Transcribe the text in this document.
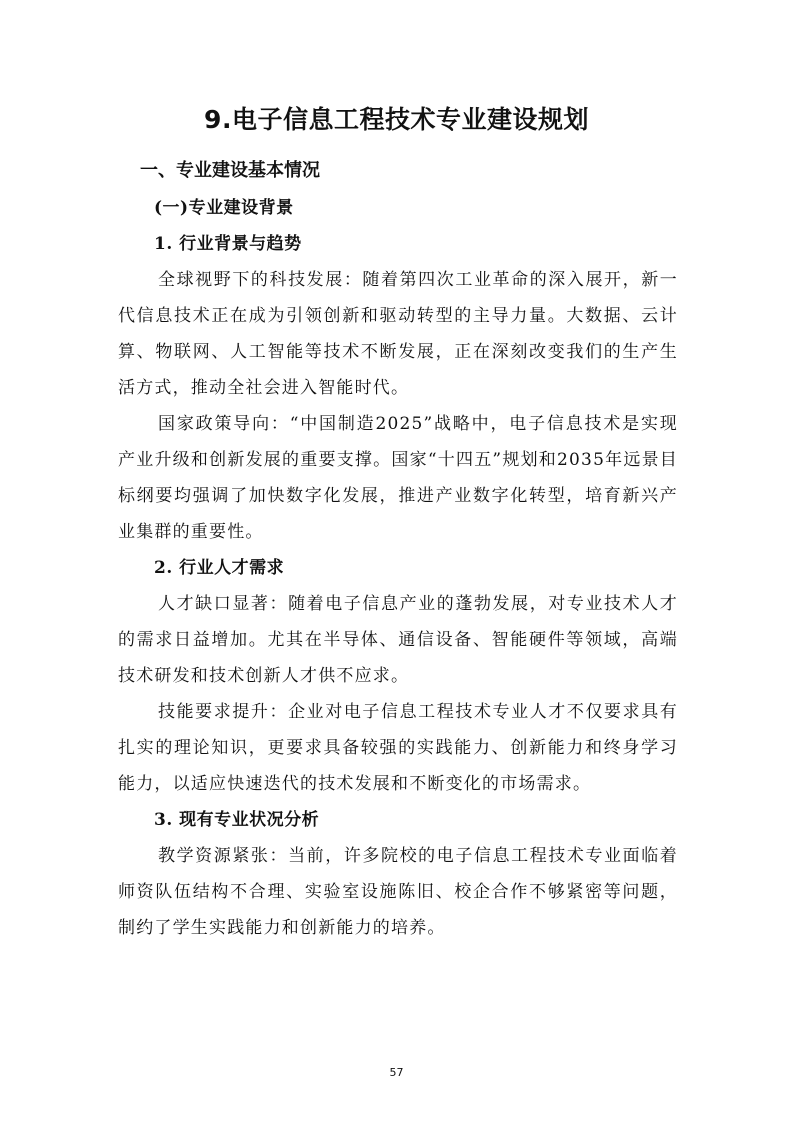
9.电子信息工程技术专业建设规划
一、专业建设基本情况
(一)专业建设背景
1. 行业背景与趋势

全球视野下的科技发展：随着第四次工业革命的深入展开，新一代信息技术正在成为引领创新和驱动转型的主导力量。大数据、云计算、物联网、人工智能等技术不断发展，正在深刻改变我们的生产生活方式，推动全社会进入智能时代。

国家政策导向：“中国制造2025”战略中，电子信息技术是实现产业升级和创新发展的重要支撑。国家“十四五”规划和2035年远景目标纲要均强调了加快数字化发展，推进产业数字化转型，培育新兴产业集群的重要性。

2. 行业人才需求

人才缺口显著：随着电子信息产业的蓬勃发展，对专业技术人才的需求日益增加。尤其在半导体、通信设备、智能硬件等领域，高端技术研发和技术创新人才供不应求。

技能要求提升：企业对电子信息工程技术专业人才不仅要求具有扎实的理论知识，更要求具备较强的实践能力、创新能力和终身学习能力，以适应快速迭代的技术发展和不断变化的市场需求。

3. 现有专业状况分析

教学资源紧张：当前，许多院校的电子信息工程技术专业面临着师资队伍结构不合理、实验室设施陈旧、校企合作不够紧密等问题，制约了学生实践能力和创新能力的培养。

57
